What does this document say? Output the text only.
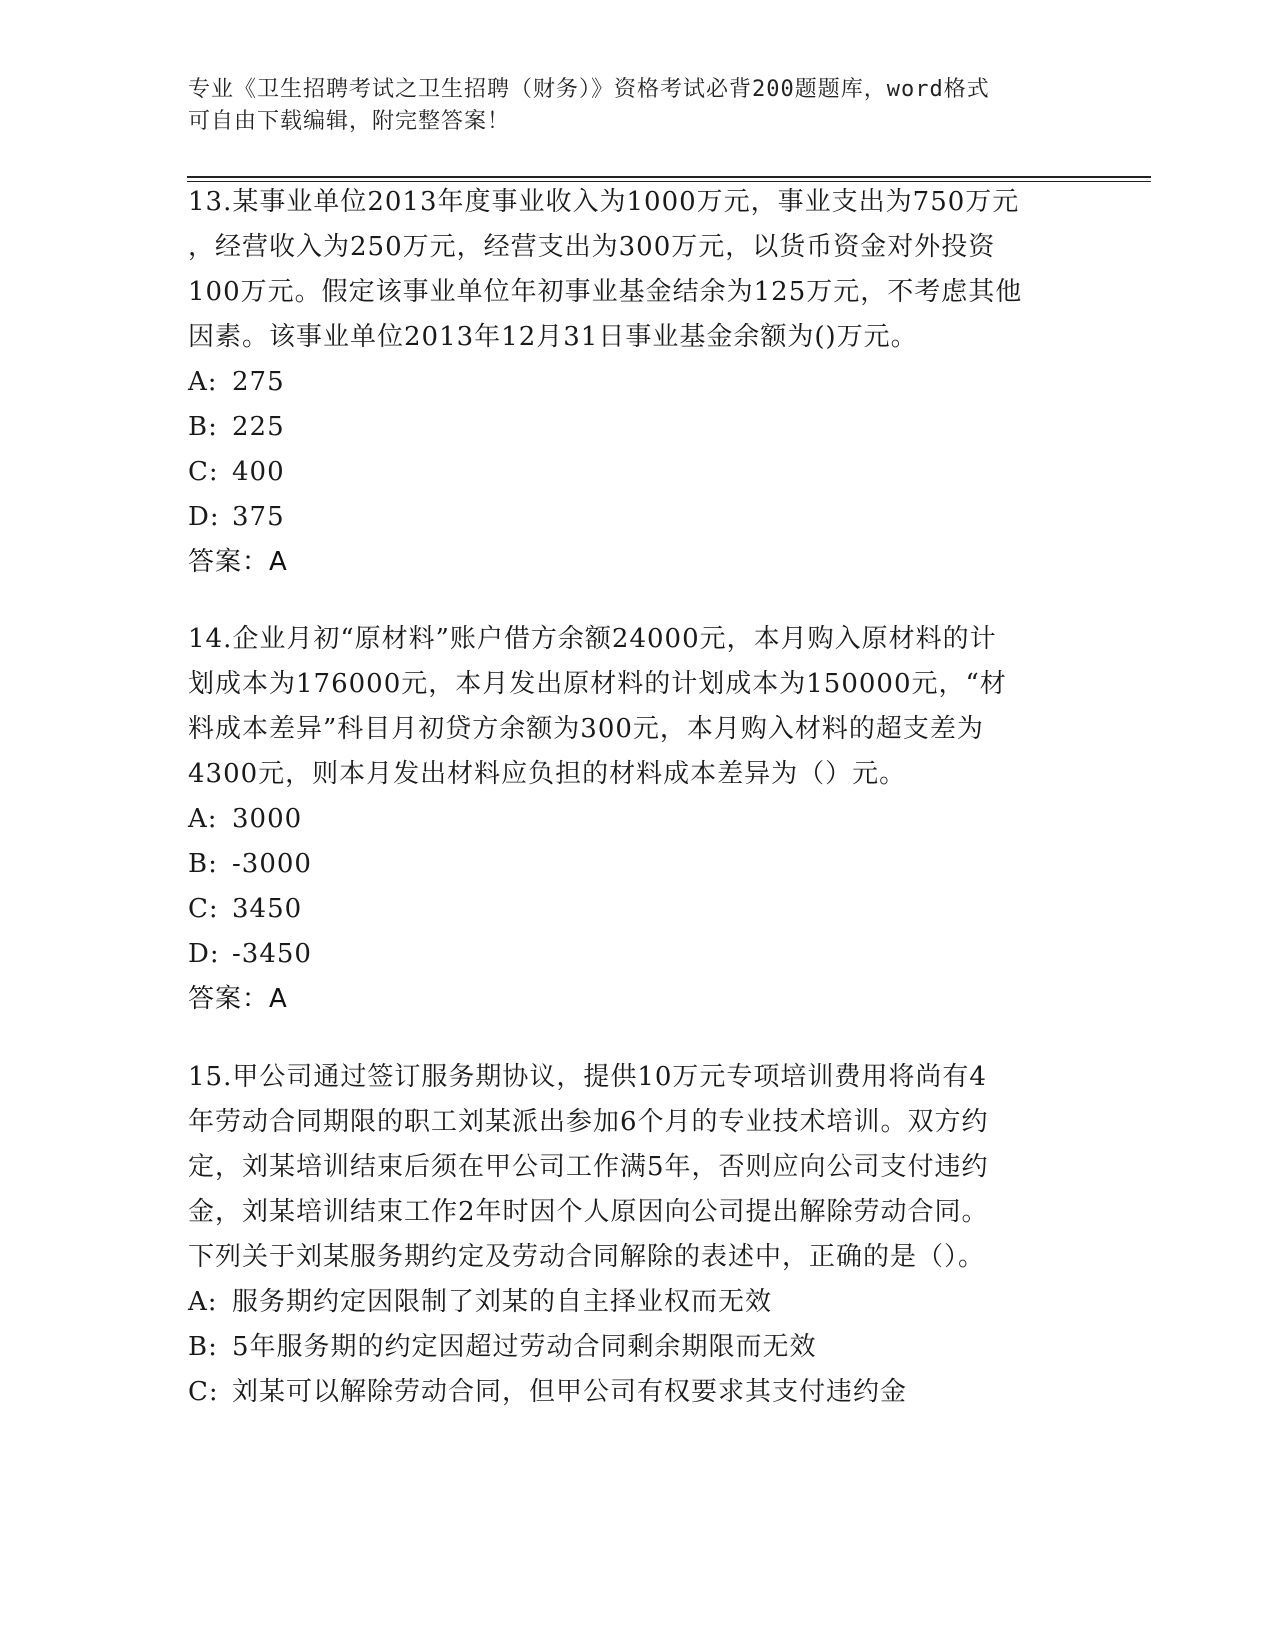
专业《卫生招聘考试之卫生招聘（财务）》资格考试必背200题题库，word格式
可自由下载编辑，附完整答案！
13.某事业单位2013年度事业收入为1000万元，事业支出为750万元
，经营收入为250万元，经营支出为300万元，以货币资金对外投资
100万元。假定该事业单位年初事业基金结余为125万元，不考虑其他
因素。该事业单位2013年12月31日事业基金余额为()万元。
A: 275
B: 225
C: 400
D: 375
答案：A
14.企业月初“原材料”账户借方余额24000元，本月购入原材料的计
划成本为176000元，本月发出原材料的计划成本为150000元，“材
料成本差异”科目月初贷方余额为300元，本月购入材料的超支差为
4300元，则本月发出材料应负担的材料成本差异为（）元。
A: 3000
B: -3000
C: 3450
D: -3450
答案：A
15.甲公司通过签订服务期协议，提供10万元专项培训费用将尚有4
年劳动合同期限的职工刘某派出参加6个月的专业技术培训。双方约
定，刘某培训结束后须在甲公司工作满5年，否则应向公司支付违约
金，刘某培训结束工作2年时因个人原因向公司提出解除劳动合同。
下列关于刘某服务期约定及劳动合同解除的表述中，正确的是（）。
A: 服务期约定因限制了刘某的自主择业权而无效
B: 5年服务期的约定因超过劳动合同剩余期限而无效
C: 刘某可以解除劳动合同，但甲公司有权要求其支付违约金
